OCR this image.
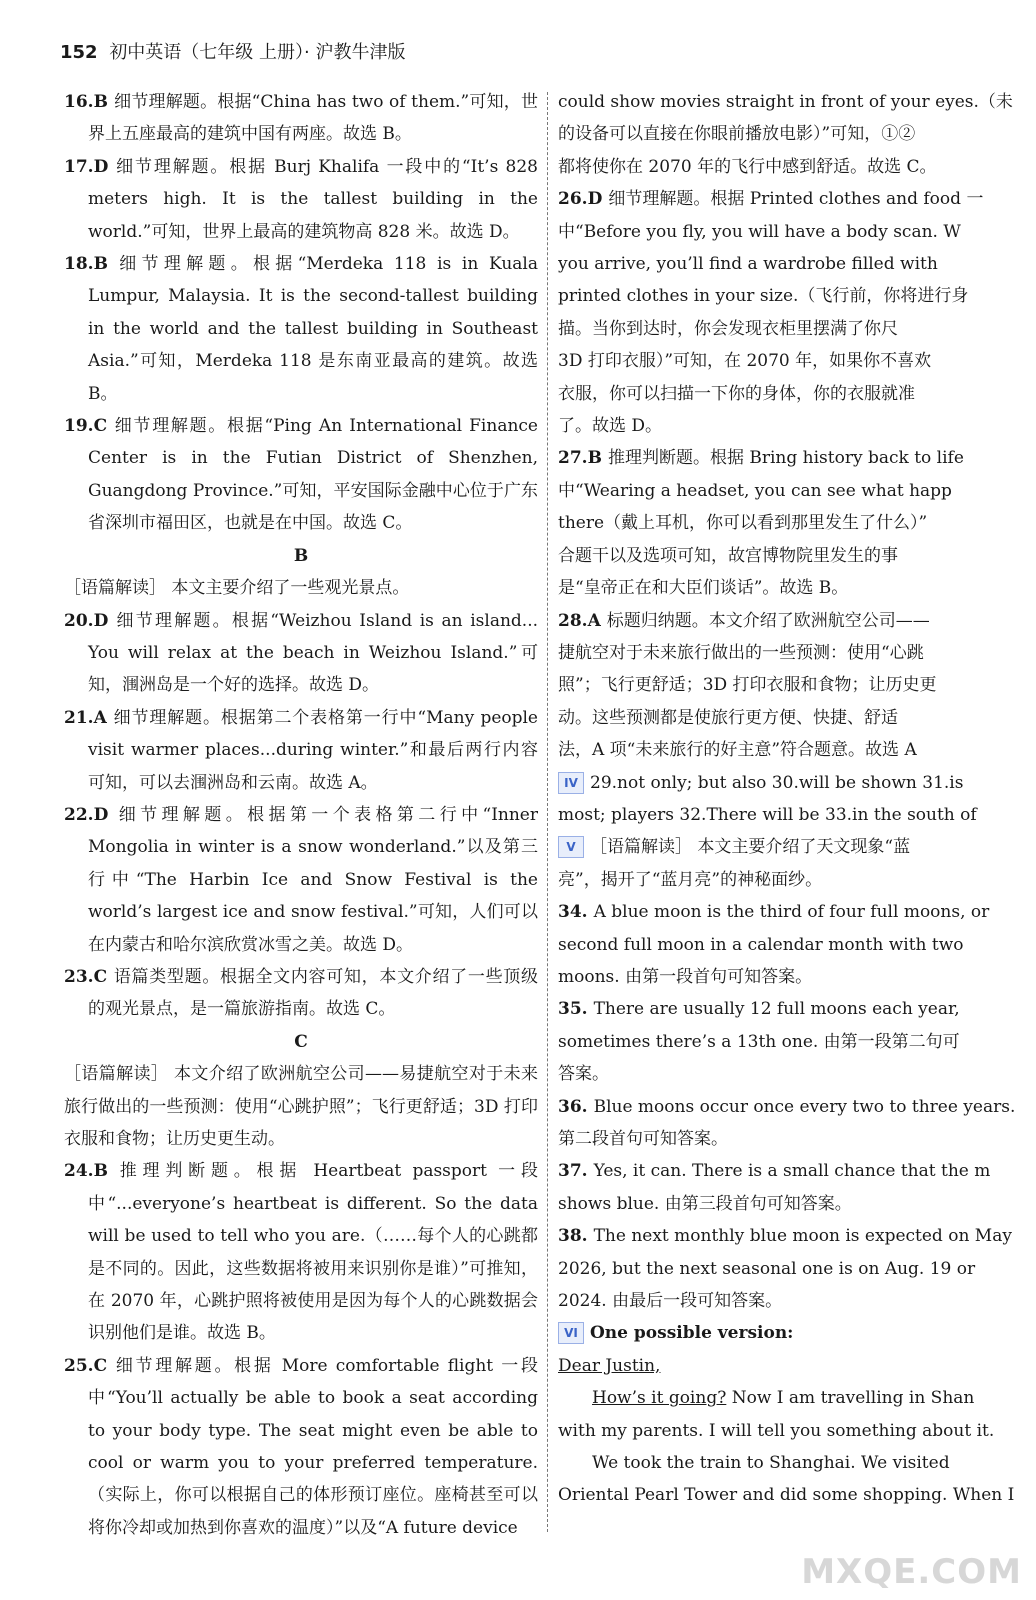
152 初中英语（七年级 上册）· 沪教牛津版

16.B 细节理解题。根据“China has two of them.”可知，世界上五座最高的建筑中国有两座。故选 B。

17.D 细节理解题。根据 Burj Khalifa 一段中的“It’s 828 meters high. It is the tallest building in the world.”可知，世界上最高的建筑物高 828 米。故选 D。

18.B 细节理解题。根据“Merdeka 118 is in Kuala Lumpur, Malaysia. It is the second-tallest building in the world and the tallest building in Southeast Asia.”可知，Merdeka 118 是东南亚最高的建筑。故选 B。

19.C 细节理解题。根据“Ping An International Finance Center is in the Futian District of Shenzhen, Guangdong Province.”可知，平安国际金融中心位于广东省深圳市福田区，也就是在中国。故选 C。

B

［语篇解读］ 本文主要介绍了一些观光景点。

20.D 细节理解题。根据“Weizhou Island is an island... You will relax at the beach in Weizhou Island.”可知，涠洲岛是一个好的选择。故选 D。

21.A 细节理解题。根据第二个表格第一行中“Many people visit warmer places...during winter.”和最后两行内容可知，可以去涠洲岛和云南。故选 A。

22.D 细节理解题。根据第一个表格第二行中“Inner Mongolia in winter is a snow wonderland.”以及第三行中“The Harbin Ice and Snow Festival is the world’s largest ice and snow festival.”可知，人们可以在内蒙古和哈尔滨欣赏冰雪之美。故选 D。

23.C 语篇类型题。根据全文内容可知，本文介绍了一些顶级的观光景点，是一篇旅游指南。故选 C。

C

［语篇解读］ 本文介绍了欧洲航空公司——易捷航空对于未来旅行做出的一些预测：使用“心跳护照”；飞行更舒适；3D 打印衣服和食物；让历史更生动。

24.B 推理判断题。根据 Heartbeat passport 一段中“...everyone’s heartbeat is different. So the data will be used to tell who you are.（……每个人的心跳都是不同的。因此，这些数据将被用来识别你是谁）”可推知，在 2070 年，心跳护照将被使用是因为每个人的心跳数据会识别他们是谁。故选 B。

25.C 细节理解题。根据 More comfortable flight 一段中“You’ll actually be able to book a seat according to your body type. The seat might even be able to cool or warm you to your preferred temperature.（实际上，你可以根据自己的体形预订座位。座椅甚至可以将你冷却或加热到你喜欢的温度）”以及“A future device

could show movies straight in front of your eyes.（未

的设备可以直接在你眼前播放电影）”可知，①②

都将使你在 2070 年的飞行中感到舒适。故选 C。

26.D 细节理解题。根据 Printed clothes and food 一

中“Before you fly, you will have a body scan. W

you arrive, you’ll find a wardrobe filled with

printed clothes in your size.（飞行前，你将进行身

描。当你到达时，你会发现衣柜里摆满了你尺

3D 打印衣服）”可知，在 2070 年，如果你不喜欢

衣服，你可以扫描一下你的身体，你的衣服就准

了。故选 D。

27.B 推理判断题。根据 Bring history back to life

中“Wearing a headset, you can see what happ

there（戴上耳机，你可以看到那里发生了什么）”

合题干以及选项可知，故宫博物院里发生的事

是“皇帝正在和大臣们谈话”。故选 B。

28.A 标题归纳题。本文介绍了欧洲航空公司——

捷航空对于未来旅行做出的一些预测：使用“心跳

照”；飞行更舒适；3D 打印衣服和食物；让历史更

动。这些预测都是使旅行更方便、快捷、舒适

法，A 项“未来旅行的好主意”符合题意。故选 A

IV 29.not only; but also 30.will be shown 31.is

most; players 32.There will be 33.in the south of

V ［语篇解读］ 本文主要介绍了天文现象“蓝

亮”，揭开了“蓝月亮”的神秘面纱。

34. A blue moon is the third of four full moons, or

second full moon in a calendar month with two

moons. 由第一段首句可知答案。

35. There are usually 12 full moons each year,

sometimes there’s a 13th one. 由第一段第二句可

答案。

36. Blue moons occur once every two to three years.

第二段首句可知答案。

37. Yes, it can. There is a small chance that the m

shows blue. 由第三段首句可知答案。

38. The next monthly blue moon is expected on May

2026, but the next seasonal one is on Aug. 19 or

2024. 由最后一段可知答案。

VI One possible version:

Dear Justin,

How’s it going? Now I am travelling in Shan

with my parents. I will tell you something about it.

We took the train to Shanghai. We visited

Oriental Pearl Tower and did some shopping. When I

MXQE.COM
